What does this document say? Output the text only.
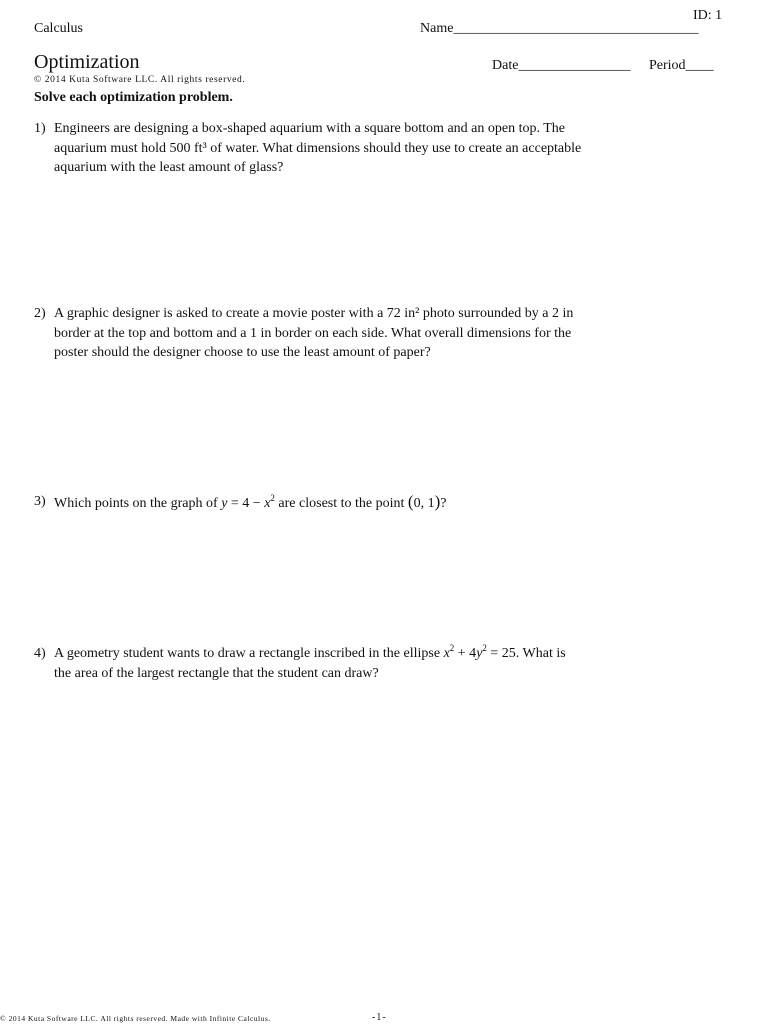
ID: 1
Calculus	Name___________________________________
Optimization	Date________________ Period____
© 2014 Kuta Software LLC. All rights reserved.
Solve each optimization problem.
1) Engineers are designing a box-shaped aquarium with a square bottom and an open top. The
aquarium must hold 500 ft³ of water. What dimensions should they use to create an acceptable
aquarium with the least amount of glass?
2) A graphic designer is asked to create a movie poster with a 72 in² photo surrounded by a 2 in
border at the top and bottom and a 1 in border on each side. What overall dimensions for the
poster should the designer choose to use the least amount of paper?
3) Which points on the graph of $y = 4 - x^2$ are closest to the point (0, 1)?
4) A geometry student wants to draw a rectangle inscribed in the ellipse $x^2 + 4y^2 = 25$. What is
the area of the largest rectangle that the student can draw?
© 2014 Kuta Software LLC. All rights reserved. Made with Infinite Calculus.	-1-
